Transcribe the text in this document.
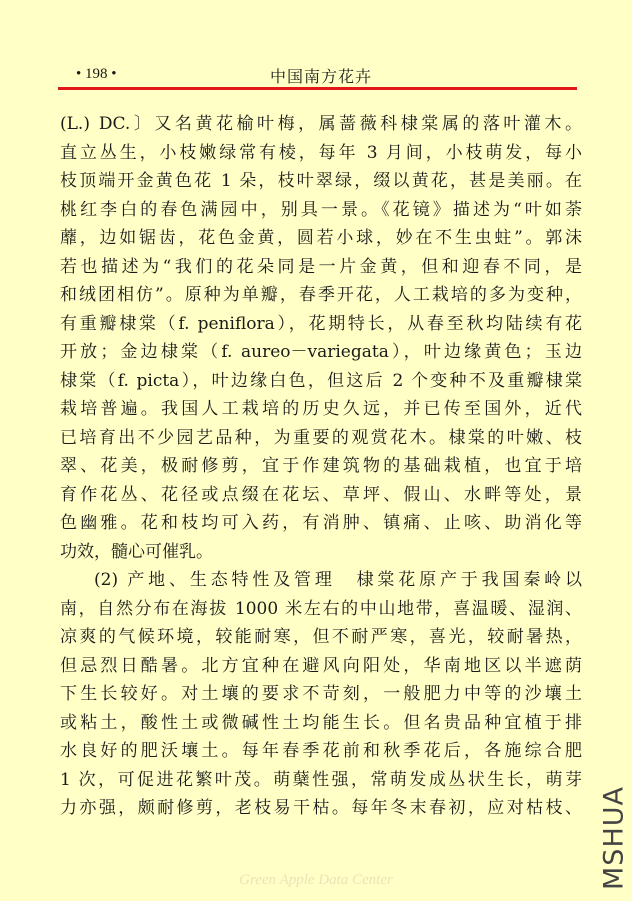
• 198 •	中国南方花卉
(L.) DC.〕又名黄花榆叶梅，属蔷薇科棣棠属的落叶灌木。
直立丛生，小枝嫩绿常有棱，每年 3 月间，小枝萌发，每小
枝顶端开金黄色花 1 朵，枝叶翠绿，缀以黄花，甚是美丽。在
桃红李白的春色满园中，别具一景。《花镜》描述为“叶如荼
蘼，边如锯齿，花色金黄，圆若小球，妙在不生虫蛀”。郭沫
若也描述为“我们的花朵同是一片金黄，但和迎春不同，是
和绒团相仿”。原种为单瓣，春季开花，人工栽培的多为变种，
有重瓣棣棠（f. peniflora），花期特长，从春至秋均陆续有花
开放；金边棣棠（f. aureo－variegata），叶边缘黄色；玉边
棣棠（f. picta），叶边缘白色，但这后 2 个变种不及重瓣棣棠
栽培普遍。我国人工栽培的历史久远，并已传至国外，近代
已培育出不少园艺品种，为重要的观赏花木。棣棠的叶嫩、枝
翠、花美，极耐修剪，宜于作建筑物的基础栽植，也宜于培
育作花丛、花径或点缀在花坛、草坪、假山、水畔等处，景
色幽雅。花和枝均可入药，有消肿、镇痛、止咳、助消化等
功效，髓心可催乳。
(2) 产地、生态特性及管理　棣棠花原产于我国秦岭以
南，自然分布在海拔 1000 米左右的中山地带，喜温暖、湿润、
凉爽的气候环境，较能耐寒，但不耐严寒，喜光，较耐暑热，
但忌烈日酷暑。北方宜种在避风向阳处，华南地区以半遮荫
下生长较好。对土壤的要求不苛刻，一般肥力中等的沙壤土
或粘土，酸性土或微碱性土均能生长。但名贵品种宜植于排
水良好的肥沃壤土。每年春季花前和秋季花后，各施综合肥
1 次，可促进花繁叶茂。萌蘖性强，常萌发成丛状生长，萌芽
力亦强，颇耐修剪，老枝易干枯。每年冬末春初，应对枯枝、 MSHUA
Green Apple Data Center
